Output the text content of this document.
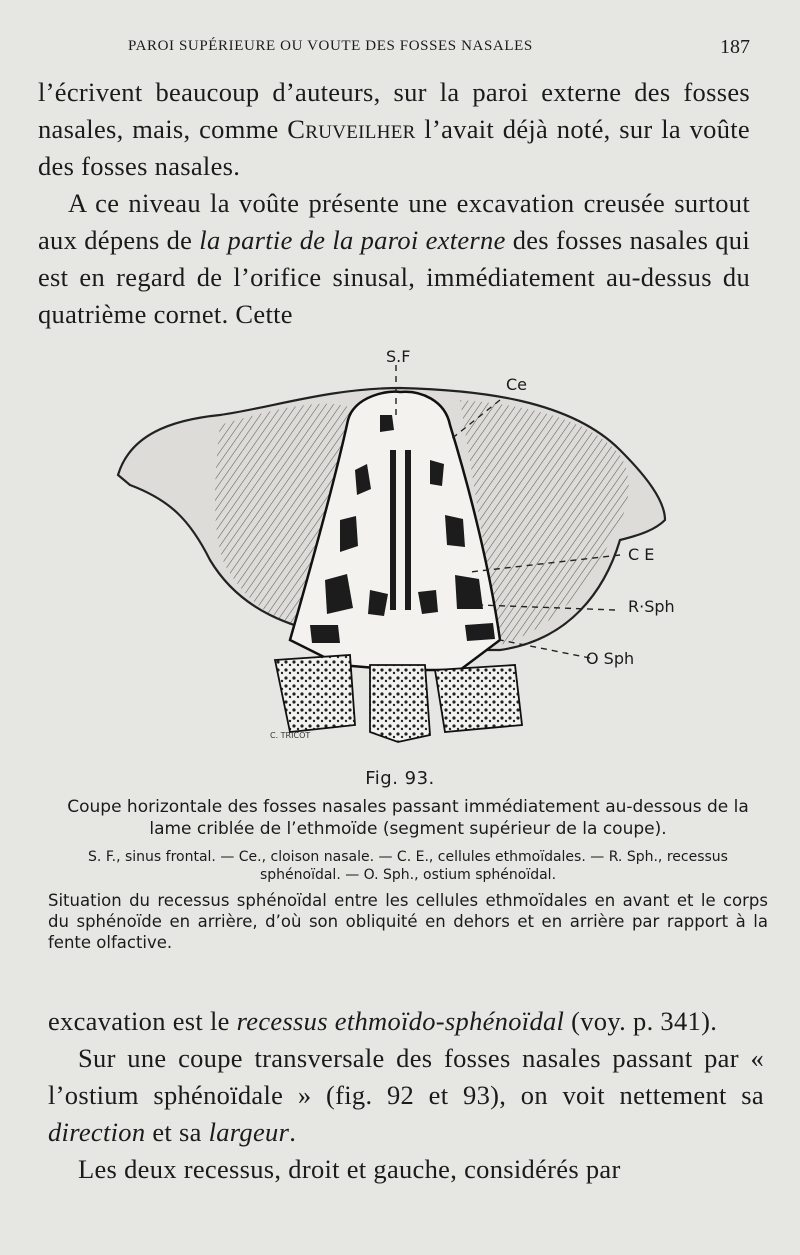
PAROI SUPÉRIEURE OU VOUTE DES FOSSES NASALES	187

l’écrivent beaucoup d’auteurs, sur la paroi externe des fosses nasales, mais, comme Cruveilher l’avait déjà noté, sur la voûte des fosses nasales.

A ce niveau la voûte présente une excavation creusée surtout aux dépens de la partie de la paroi externe des fosses nasales qui est en regard de l’orifice sinusal, immédiatement au-dessus du quatrième cornet. Cette

S.F
Ce
C E
R·Sph
O Sph
C. TRICOT
Fig. 93.
Coupe horizontale des fosses nasales passant immédiatement au-dessous de la lame criblée de l’ethmoïde (segment supérieur de la coupe).
S. F., sinus frontal. — Ce., cloison nasale. — C. E., cellules ethmoïdales. — R. Sph., recessus sphénoïdal. — O. Sph., ostium sphénoïdal.
Situation du recessus sphénoïdal entre les cellules ethmoïdales en avant et le corps du sphénoïde en arrière, d’où son obliquité en dehors et en arrière par rapport à la fente olfactive.

excavation est le recessus ethmoïdo-sphénoïdal (voy. p. 341).

Sur une coupe transversale des fosses nasales passant par « l’ostium sphénoïdale » (fig. 92 et 93), on voit nettement sa direction et sa largeur.

Les deux recessus, droit et gauche, considérés par
